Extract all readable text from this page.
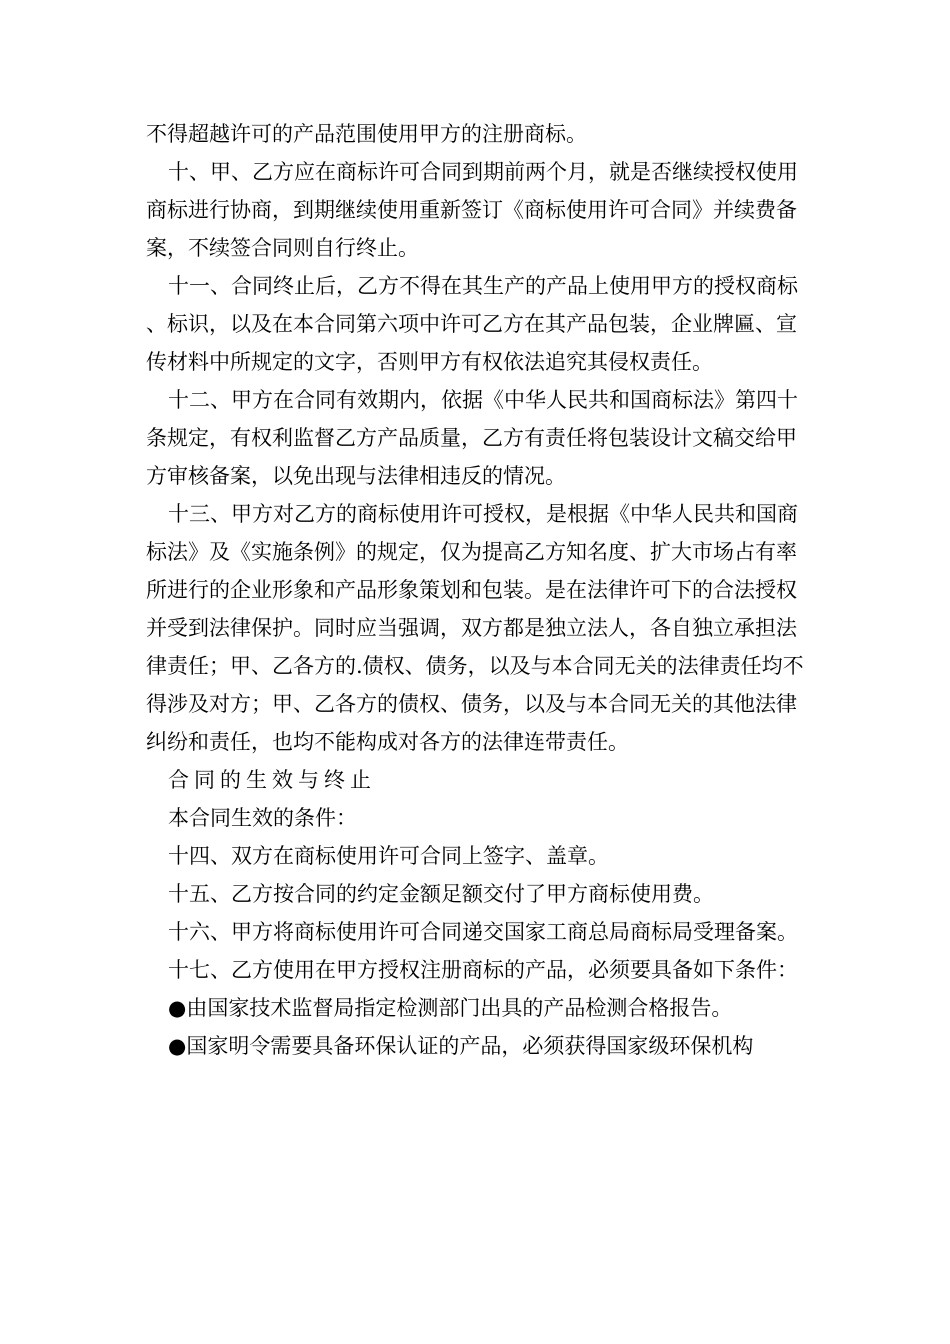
不得超越许可的产品范围使用甲方的注册商标。

十、甲、乙方应在商标许可合同到期前两个月，就是否继续授权使用商标进行协商，到期继续使用重新签订《商标使用许可合同》并续费备案，不续签合同则自行终止。

十一、合同终止后，乙方不得在其生产的产品上使用甲方的授权商标、标识，以及在本合同第六项中许可乙方在其产品包装，企业牌匾、宣传材料中所规定的文字，否则甲方有权依法追究其侵权责任。

十二、甲方在合同有效期内，依据《中华人民共和国商标法》第四十条规定，有权利监督乙方产品质量，乙方有责任将包装设计文稿交给甲方审核备案，以免出现与法律相违反的情况。

十三、甲方对乙方的商标使用许可授权，是根据《中华人民共和国商标法》及《实施条例》的规定，仅为提高乙方知名度、扩大市场占有率所进行的企业形象和产品形象策划和包装。是在法律许可下的合法授权并受到法律保护。同时应当强调，双方都是独立法人，各自独立承担法律责任；甲、乙各方的.债权、债务，以及与本合同无关的法律责任均不得涉及对方；甲、乙各方的债权、债务，以及与本合同无关的其他法律纠纷和责任，也均不能构成对各方的法律连带责任。

合同的生效与终止

本合同生效的条件：

十四、双方在商标使用许可合同上签字、盖章。

十五、乙方按合同的约定金额足额交付了甲方商标使用费。

十六、甲方将商标使用许可合同递交国家工商总局商标局受理备案。

十七、乙方使用在甲方授权注册商标的产品，必须要具备如下条件：

●由国家技术监督局指定检测部门出具的产品检测合格报告。

●国家明令需要具备环保认证的产品，必须获得国家级环保机构
